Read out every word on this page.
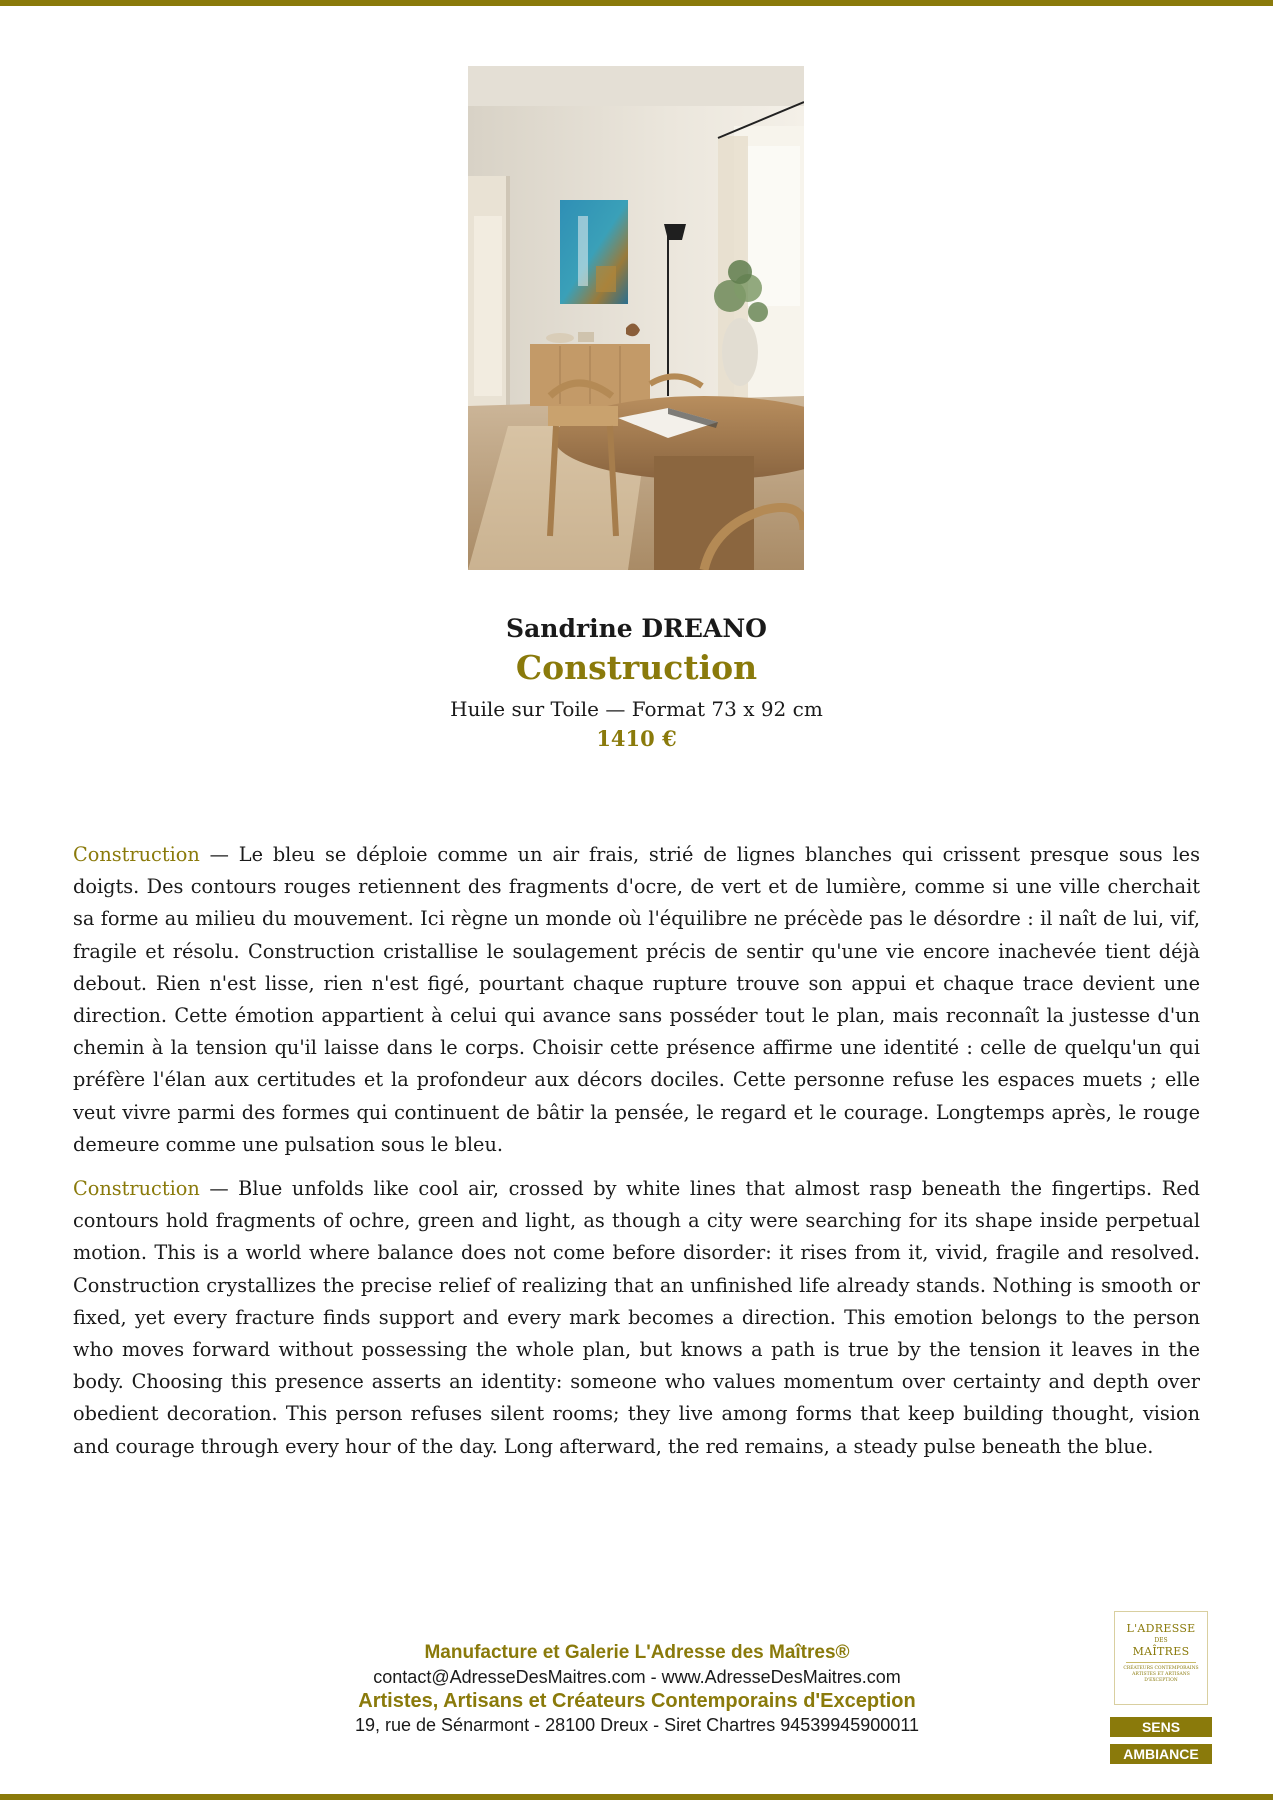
Sandrine DREANO
Construction
Huile sur Toile — Format 73 x 92 cm
1410 €

Construction — Le bleu se déploie comme un air frais, strié de lignes blanches qui crissent presque sous les doigts. Des contours rouges retiennent des fragments d'ocre, de vert et de lumière, comme si une ville cherchait sa forme au milieu du mouvement. Ici règne un monde où l'équilibre ne précède pas le désordre : il naît de lui, vif, fragile et résolu. Construction cristallise le soulagement précis de sentir qu'une vie encore inachevée tient déjà debout. Rien n'est lisse, rien n'est figé, pourtant chaque rupture trouve son appui et chaque trace devient une direction. Cette émotion appartient à celui qui avance sans posséder tout le plan, mais reconnaît la justesse d'un chemin à la tension qu'il laisse dans le corps. Choisir cette présence affirme une identité : celle de quelqu'un qui préfère l'élan aux certitudes et la profondeur aux décors dociles. Cette personne refuse les espaces muets ; elle veut vivre parmi des formes qui continuent de bâtir la pensée, le regard et le courage. Longtemps après, le rouge demeure comme une pulsation sous le bleu.

Construction — Blue unfolds like cool air, crossed by white lines that almost rasp beneath the fingertips. Red contours hold fragments of ochre, green and light, as though a city were searching for its shape inside perpetual motion. This is a world where balance does not come before disorder: it rises from it, vivid, fragile and resolved. Construction crystallizes the precise relief of realizing that an unfinished life already stands. Nothing is smooth or fixed, yet every fracture finds support and every mark becomes a direction. This emotion belongs to the person who moves forward without possessing the whole plan, but knows a path is true by the tension it leaves in the body. Choosing this presence asserts an identity: someone who values momentum over certainty and depth over obedient decoration. This person refuses silent rooms; they live among forms that keep building thought, vision and courage through every hour of the day. Long afterward, the red remains, a steady pulse beneath the blue.

Manufacture et Galerie L'Adresse des Maîtres®
contact@AdresseDesMaitres.com - www.AdresseDesMaitres.com
Artistes, Artisans et Créateurs Contemporains d'Exception
19, rue de Sénarmont - 28100 Dreux - Siret Chartres 94539945900011
L'ADRESSE
DES
MAÎTRES
CRÉATEURS CONTEMPORAINS ARTISTES ET ARTISANS D'EXCEPTION
SENS
AMBIANCE
